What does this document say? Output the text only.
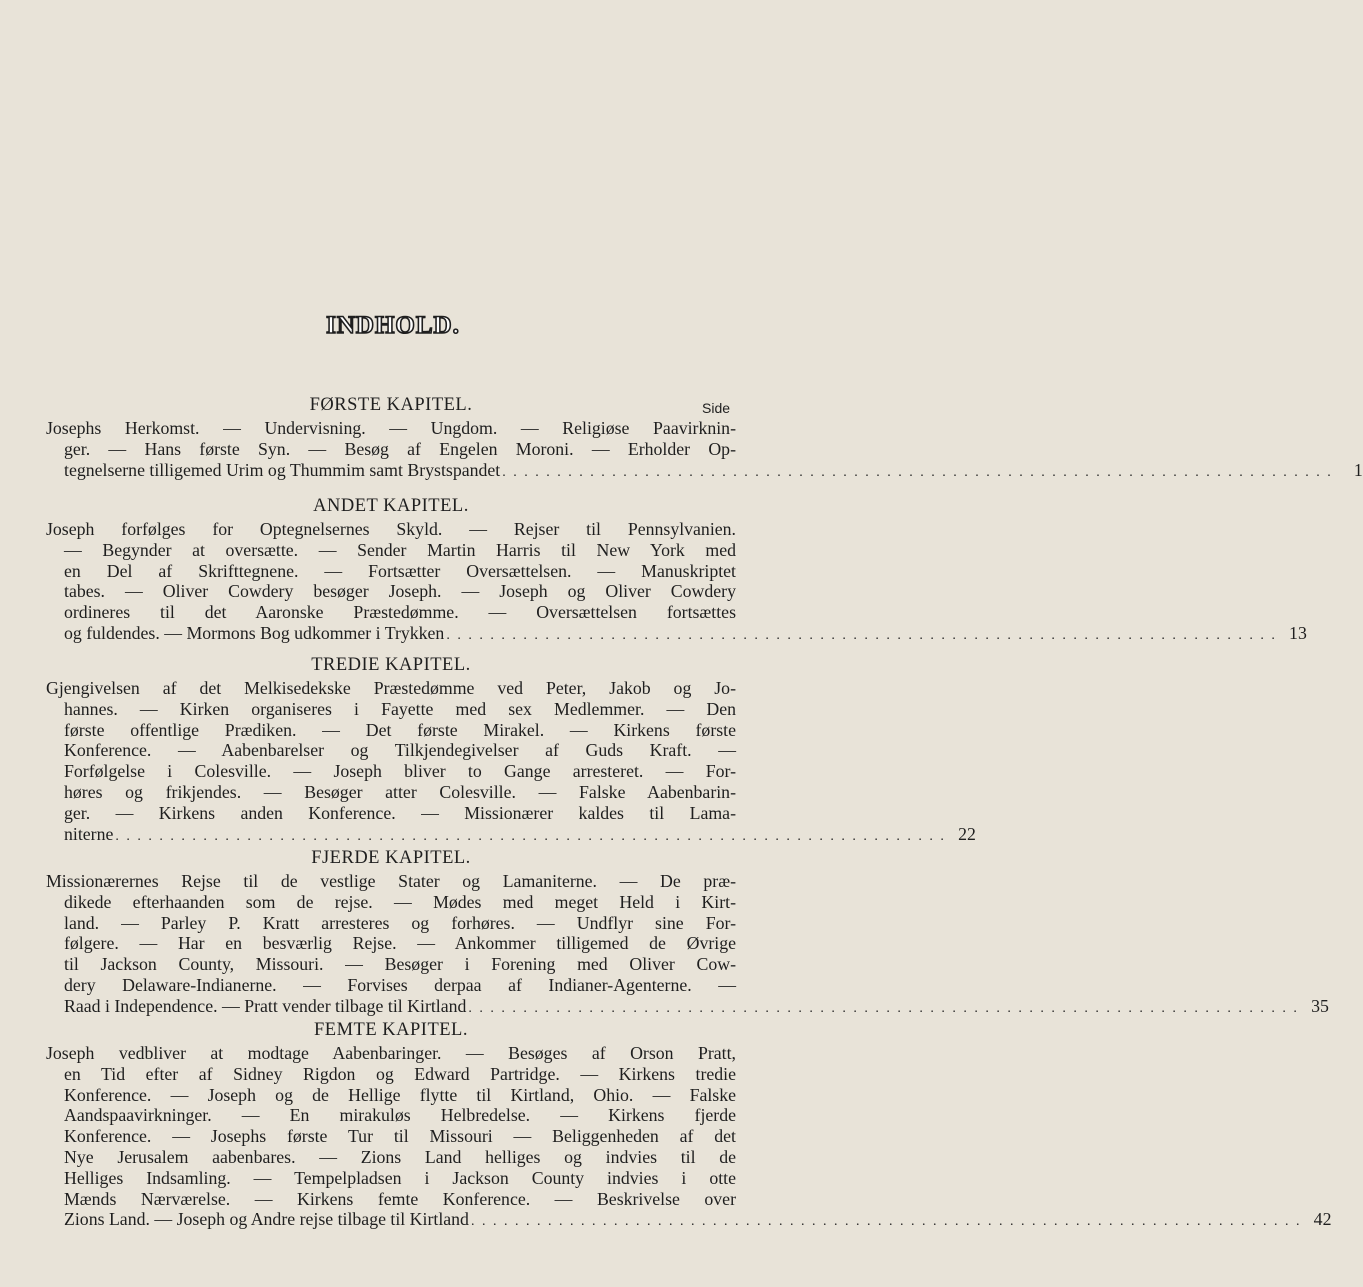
INDHOLD.
Side
FØRSTE KAPITEL.
Josephs Herkomst. — Undervisning. — Ungdom. — Religiøse Paavirknin-
ger. — Hans første Syn. — Besøg af Engelen Moroni. — Erholder Op-
tegnelserne tilligemed Urim og Thummim samt Brystspandet . . . . . . . . . . . . . . . . . . . . . . . . . . . . . . . . . . . . . . . . . . . . . . . . . . . . . . . . . . . . . . . . . . . . . . . . . . . .	1
ANDET KAPITEL.
Joseph forfølges for Optegnelsernes Skyld. — Rejser til Pennsylvanien.
— Begynder at oversætte. — Sender Martin Harris til New York med
en Del af Skrifttegnene. — Fortsætter Oversættelsen. — Manuskriptet
tabes. — Oliver Cowdery besøger Joseph. — Joseph og Oliver Cowdery
ordineres til det Aaronske Præstedømme. — Oversættelsen fortsættes
og fuldendes. — Mormons Bog udkommer i Trykken . . . . . . . . . . . . . . . . . . . . . . . . . . . . . . . . . . . . . . . . . . . . . . . . . . . . . . . . . . . . . . . . . . . . . . . . . . . . 13
TREDIE KAPITEL.
Gjengivelsen af det Melkisedekske Præstedømme ved Peter, Jakob og Jo-
hannes. — Kirken organiseres i Fayette med sex Medlemmer. — Den
første offentlige Prædiken. — Det første Mirakel. — Kirkens første
Konference. — Aabenbarelser og Tilkjendegivelser af Guds Kraft. —
Forfølgelse i Colesville. — Joseph bliver to Gange arresteret. — For-
høres og frikjendes. — Besøger atter Colesville. — Falske Aabenbarin-
ger. — Kirkens anden Konference. — Missionærer kaldes til Lama-
niterne . . . . . . . . . . . . . . . . . . . . . . . . . . . . . . . . . . . . . . . . . . . . . . . . . . . . . . . . . . . . . . . . . . . . . . . . . . . . 22
FJERDE KAPITEL.
Missionærernes Rejse til de vestlige Stater og Lamaniterne. — De præ-
dikede efterhaanden som de rejse. — Mødes med meget Held i Kirt-
land. — Parley P. Kratt arresteres og forhøres. — Undflyr sine For-
følgere. — Har en besværlig Rejse. — Ankommer tilligemed de Øvrige
til Jackson County, Missouri. — Besøger i Forening med Oliver Cow-
dery Delaware-Indianerne. — Forvises derpaa af Indianer-Agenterne. —
Raad i Independence. — Pratt vender tilbage til Kirtland . . . . . . . . . . . . . . . . . . . . . . . . . . . . . . . . . . . . . . . . . . . . . . . . . . . . . . . . . . . . . . . . . . . . . . . . . . . . 35
FEMTE KAPITEL.
Joseph vedbliver at modtage Aabenbaringer. — Besøges af Orson Pratt,
en Tid efter af Sidney Rigdon og Edward Partridge. — Kirkens tredie
Konference. — Joseph og de Hellige flytte til Kirtland, Ohio. — Falske
Aandspaavirkninger. — En mirakuløs Helbredelse. — Kirkens fjerde
Konference. — Josephs første Tur til Missouri — Beliggenheden af det
Nye Jerusalem aabenbares. — Zions Land helliges og indvies til de
Helliges Indsamling. — Tempelpladsen i Jackson County indvies i otte
Mænds Nærværelse. — Kirkens femte Konference. — Beskrivelse over
Zions Land. — Joseph og Andre rejse tilbage til Kirtland . . . . . . . . . . . . . . . . . . . . . . . . . . . . . . . . . . . . . . . . . . . . . . . . . . . . . . . . . . . . . . . . . . . . . . . . . . . . 42
